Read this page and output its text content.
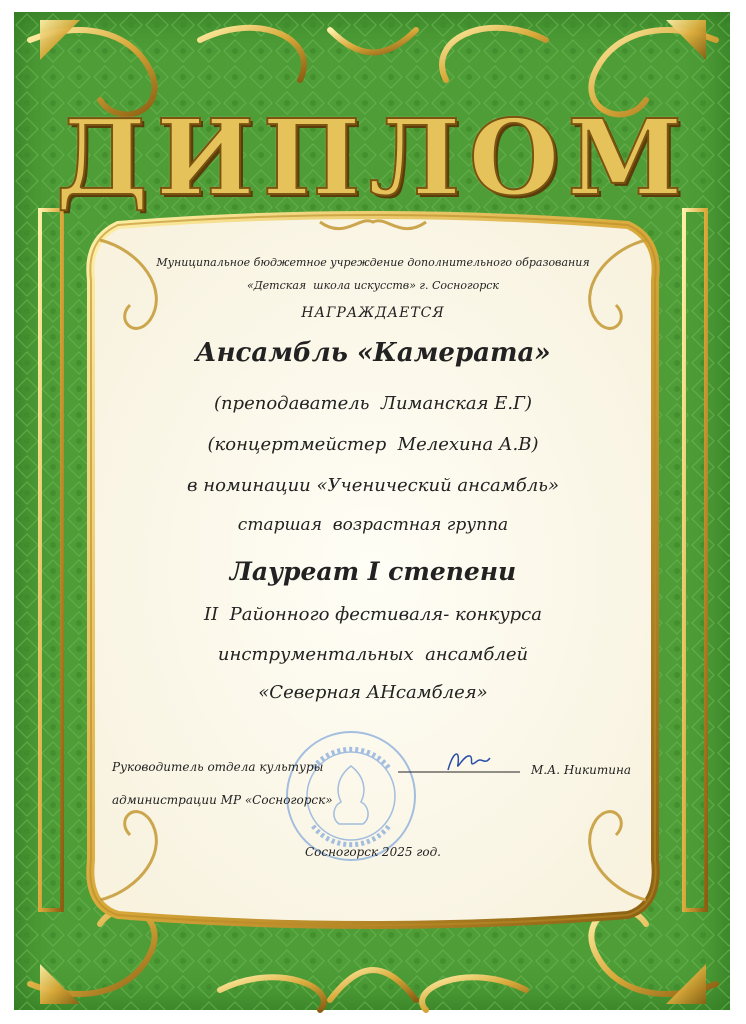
ДИПЛОМ
Муниципальное бюджетное учреждение дополнительного образования
«Детская  школа искусств» г. Сосногорск
НАГРАЖДАЕТСЯ
Ансамбль «Камерата»
(преподаватель  Лиманская Е.Г)
(концертмейстер  Мелехина А.В)
в номинации «Ученический ансамбль»
старшая  возрастная группа
Лауреат I степени
II  Районного фестиваля- конкурса
инструментальных  ансамблей
«Северная АНсамблея»
Руководитель отдела культуры
администрации МР «Сосногорск»
М.А. Никитина
Сосногорск 2025 год.
